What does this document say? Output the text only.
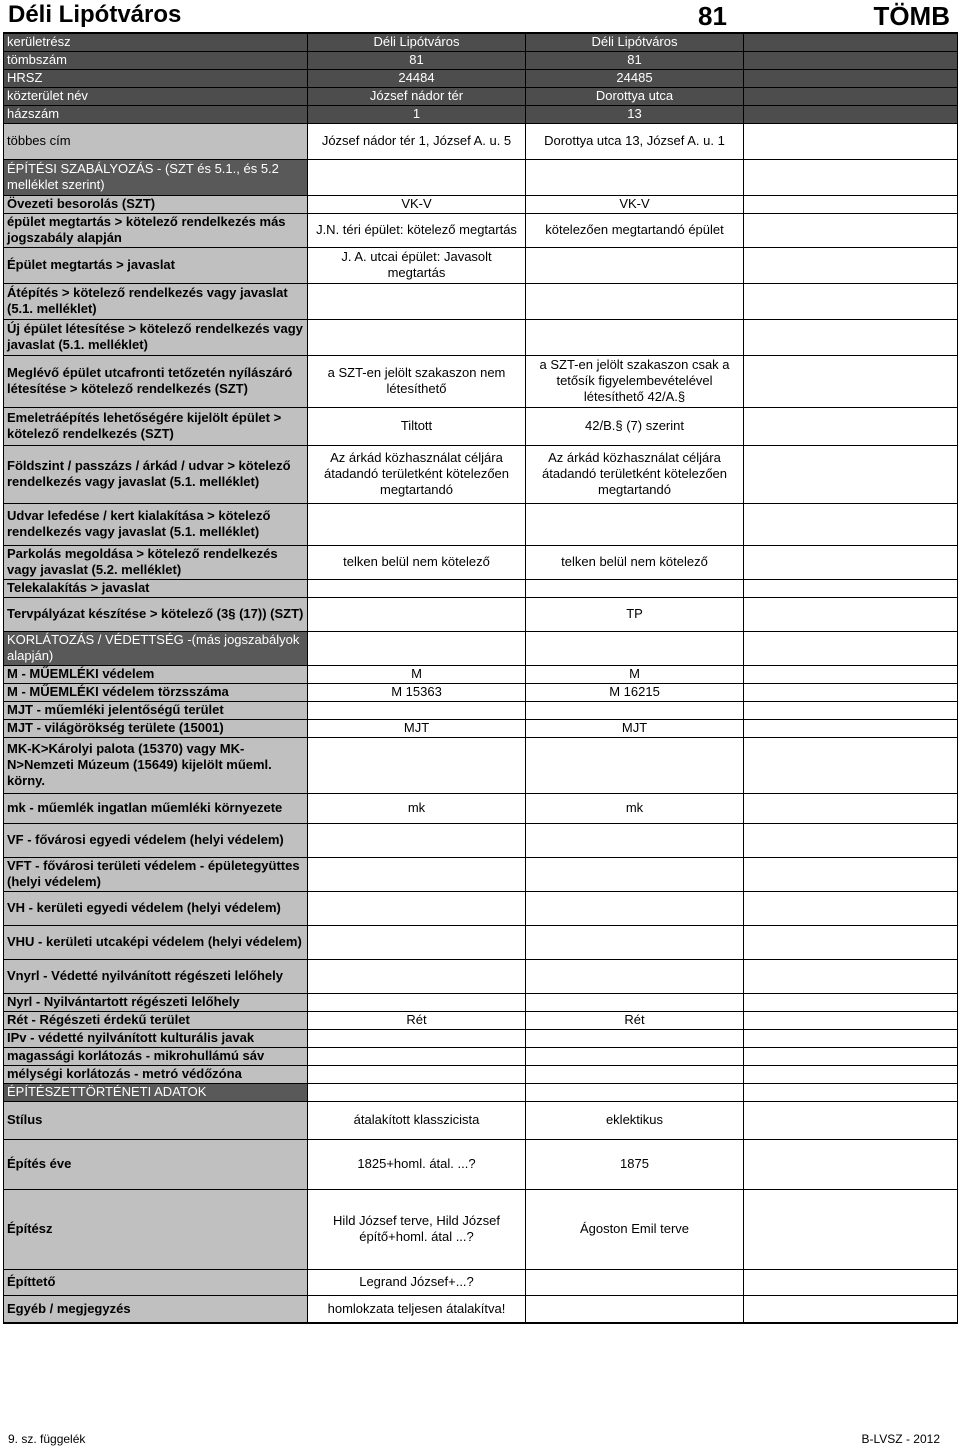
Déli Lipótváros	81	TÖMB
kerületrész	Déli Lipótváros	Déli Lipótváros	
tömbszám	81	81	
HRSZ	24484	24485	
közterület név	József nádor tér	Dorottya utca	
házszám	1	13	
többes cím	József nádor tér 1, József A. u. 5	Dorottya utca 13, József A. u. 1	
ÉPÍTÉSI SZABÁLYOZÁS - (SZT és 5.1., és 5.2 melléklet szerint)			
Övezeti besorolás (SZT)	VK-V	VK-V	
épület megtartás > kötelező rendelkezés más jogszabály alapján	J.N. téri épület: kötelező megtartás	kötelezően megtartandó épület	
Épület megtartás > javaslat	J. A. utcai épület: Javasolt megtartás		
Átépítés > kötelező rendelkezés vagy javaslat (5.1. melléklet)			
Új épület létesítése > kötelező rendelkezés vagy javaslat (5.1. melléklet)			
Meglévő épület utcafronti tetőzetén nyílászáró létesítése > kötelező rendelkezés (SZT)	a SZT-en jelölt szakaszon nem létesíthető	a SZT-en jelölt szakaszon csak a tetősík figyelembevételével létesíthető 42/A.§	
Emeletráépítés lehetőségére kijelölt épület > kötelező rendelkezés (SZT)	Tiltott	42/B.§ (7) szerint	
Földszint / passzázs / árkád / udvar > kötelező rendelkezés vagy javaslat (5.1. melléklet)	Az árkád közhasználat céljára átadandó területként kötelezően megtartandó	Az árkád közhasználat céljára átadandó területként kötelezően megtartandó	
Udvar lefedése / kert kialakítása > kötelező rendelkezés vagy javaslat (5.1. melléklet)			
Parkolás megoldása > kötelező rendelkezés vagy javaslat (5.2. melléklet)	telken belül nem kötelező	telken belül nem kötelező	
Telekalakítás > javaslat			
Tervpályázat készítése > kötelező (3§ (17)) (SZT)		TP	
KORLÁTOZÁS / VÉDETTSÉG -(más jogszabályok alapján)			
M - MŰEMLÉKI védelem	M	M	
M - MŰEMLÉKI védelem törzsszáma	M 15363	M 16215	
MJT - műemléki jelentőségű terület			
MJT - világörökség területe (15001)	MJT	MJT	
MK-K>Károlyi palota (15370) vagy MK-N>Nemzeti Múzeum (15649) kijelölt műeml. körny.			
mk - műemlék ingatlan műemléki környezete	mk	mk	
VF - fővárosi egyedi védelem (helyi védelem)			
VFT - fővárosi területi védelem - épületegyüttes (helyi védelem)			
VH - kerületi egyedi védelem (helyi védelem)			
VHU - kerületi utcaképi védelem (helyi védelem)			
Vnyrl - Védetté nyilvánított régészeti lelőhely			
Nyrl - Nyilvántartott régészeti lelőhely			
Rét - Régészeti érdekű terület	Rét	Rét	
IPv - védetté nyilvánított kulturális javak			
magassági korlátozás - mikrohullámú sáv			
mélységi korlátozás - metró védőzóna			
ÉPÍTÉSZETTÖRTÉNETI ADATOK			
Stílus	átalakított klasszicista	eklektikus	
Építés éve	1825+homl. átal. ...?	1875	
Építész	Hild József terve, Hild József építő+homl. átal ...?	Ágoston Emil terve	
Építtető	Legrand József+...?		
Egyéb / megjegyzés	homlokzata teljesen átalakítva!		
9. sz. függelék	B-LVSZ - 2012
